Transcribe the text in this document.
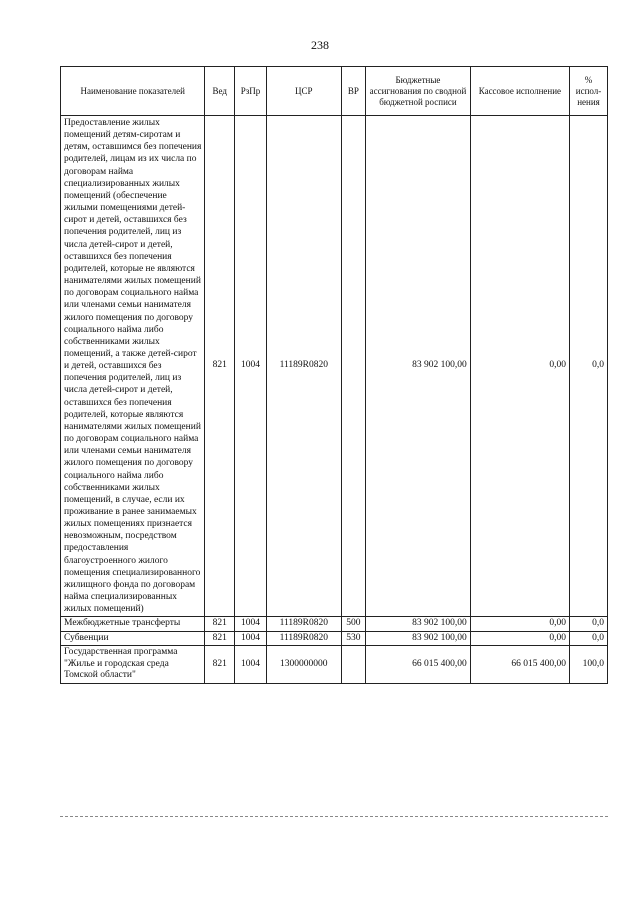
238
Наименование показателей	Вед	РзПр	ЦСР	ВР	Бюджетные ассигнования по сводной бюджетной росписи	Кассовое исполнение	% испол-нения
Предоставление жилых помещений детям-сиротам и детям, оставшимся без попечения родителей, лицам из их числа по договорам найма специализированных жилых помещений (обеспечение жилыми помещениями детей-сирот и детей, оставшихся без попечения родителей, лиц из числа детей-сирот и детей, оставшихся без попечения родителей, которые не являются нанимателями жилых помещений по договорам социального найма или членами семьи нанимателя жилого помещения по договору социального найма либо собственниками жилых помещений, а также детей-сирот и детей, оставшихся без попечения родителей, лиц из числа детей-сирот и детей, оставшихся без попечения родителей, которые являются нанимателями жилых помещений по договорам социального найма или членами семьи нанимателя жилого помещения по договору социального найма либо собственниками жилых помещений, в случае, если их проживание в ранее занимаемых жилых помещениях признается невозможным, посредством предоставления благоустроенного жилого помещения специализированного жилищного фонда по договорам найма специализированных жилых помещений)	821	1004	11189R0820		83 902 100,00	0,00	0,0
Межбюджетные трансферты	821	1004	11189R0820	500	83 902 100,00	0,00	0,0
Субвенции	821	1004	11189R0820	530	83 902 100,00	0,00	0,0
Государственная программа "Жилье и городская среда Томской области"	821	1004	1300000000		66 015 400,00	66 015 400,00	100,0
